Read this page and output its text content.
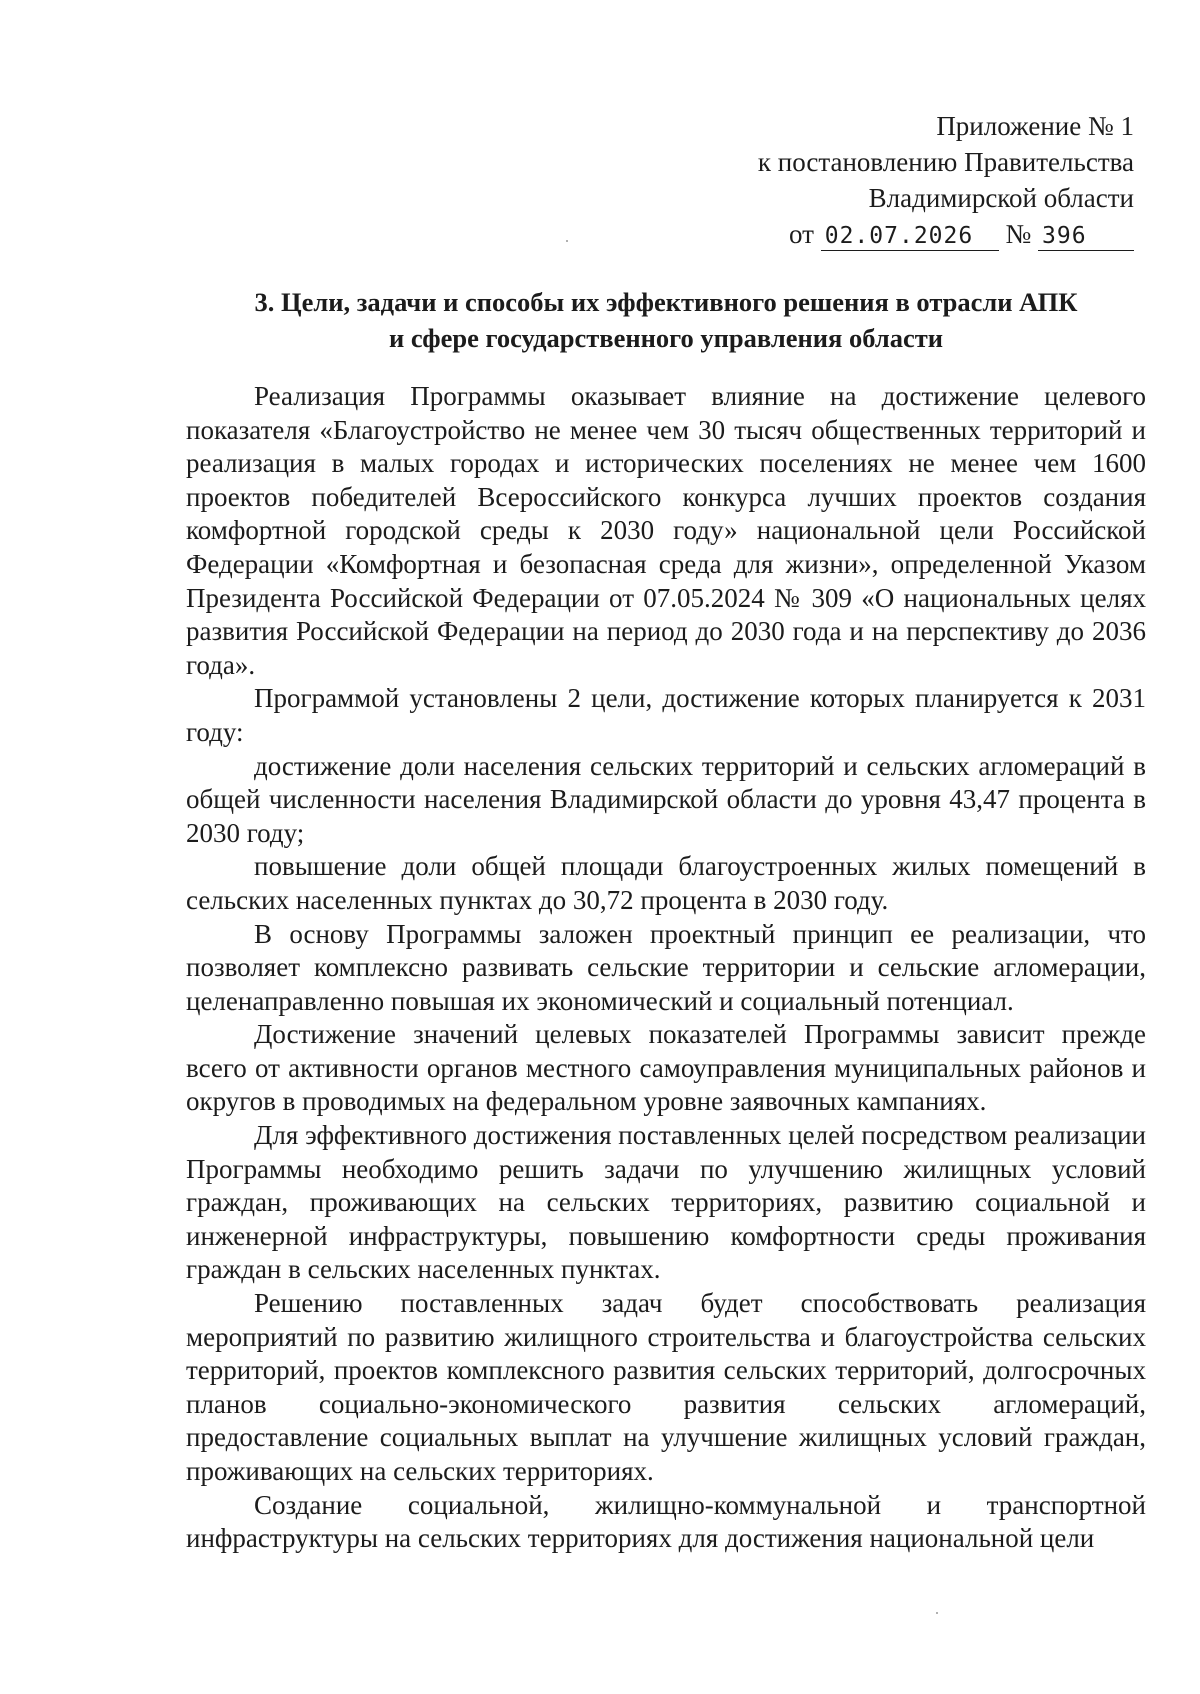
Приложение № 1
к постановлению Правительства
Владимирской области
от 02.07.2026 № 396
3. Цели, задачи и способы их эффективного решения в отрасли АПК
и сфере государственного управления области

Реализация Программы оказывает влияние на достижение целевого показателя «Благоустройство не менее чем 30 тысяч общественных территорий и реализация в малых городах и исторических поселениях не менее чем 1600 проектов победителей Всероссийского конкурса лучших проектов создания комфортной городской среды к 2030 году» национальной цели Российской Федерации «Комфортная и безопасная среда для жизни», определенной Указом Президента Российской Федерации от 07.05.2024 № 309 «О национальных целях развития Российской Федерации на период до 2030 года и на перспективу до 2036 года».

Программой установлены 2 цели, достижение которых планируется к 2031 году:

достижение доли населения сельских территорий и сельских агломераций в общей численности населения Владимирской области до уровня 43,47 процента в 2030 году;

повышение доли общей площади благоустроенных жилых помещений в сельских населенных пунктах до 30,72 процента в 2030 году.

В основу Программы заложен проектный принцип ее реализации, что позволяет комплексно развивать сельские территории и сельские агломерации, целенаправленно повышая их экономический и социальный потенциал.

Достижение значений целевых показателей Программы зависит прежде всего от активности органов местного самоуправления муниципальных районов и округов в проводимых на федеральном уровне заявочных кампаниях.

Для эффективного достижения поставленных целей посредством реализации Программы необходимо решить задачи по улучшению жилищных условий граждан, проживающих на сельских территориях, развитию социальной и инженерной инфраструктуры, повышению комфортности среды проживания граждан в сельских населенных пунктах.

Решению поставленных задач будет способствовать реализация мероприятий по развитию жилищного строительства и благоустройства сельских территорий, проектов комплексного развития сельских территорий, долгосрочных планов социально-экономического развития сельских агломераций, предоставление социальных выплат на улучшение жилищных условий граждан, проживающих на сельских территориях.

Создание социальной, жилищно-коммунальной и транспортной инфраструктуры на сельских территориях для достижения национальной цели
